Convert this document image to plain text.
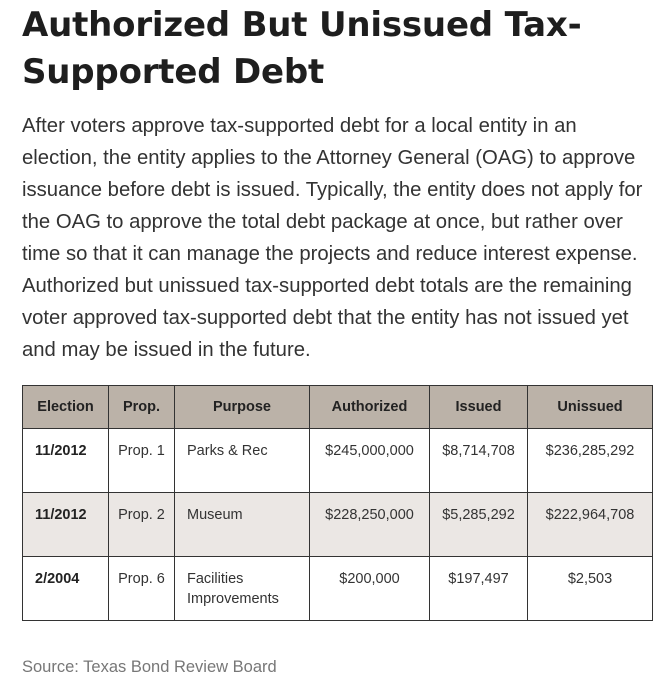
Authorized But Unissued Tax-Supported Debt

After voters approve tax-supported debt for a local entity in an election, the entity applies to the Attorney General (OAG) to approve issuance before debt is issued. Typically, the entity does not apply for the OAG to approve the total debt package at once, but rather over time so that it can manage the projects and reduce interest expense. Authorized but unissued tax-supported debt totals are the remaining voter approved tax-supported debt that the entity has not issued yet and may be issued in the future.

Election	Prop.	Purpose	Authorized	Issued	Unissued
11/2012	Prop. 1	Parks & Rec	$245,000,000	$8,714,708	$236,285,292
11/2012	Prop. 2	Museum	$228,250,000	$5,285,292	$222,964,708
2/2004	Prop. 6	Facilities Improvements	$200,000	$197,497	$2,503

Source: Texas Bond Review Board
